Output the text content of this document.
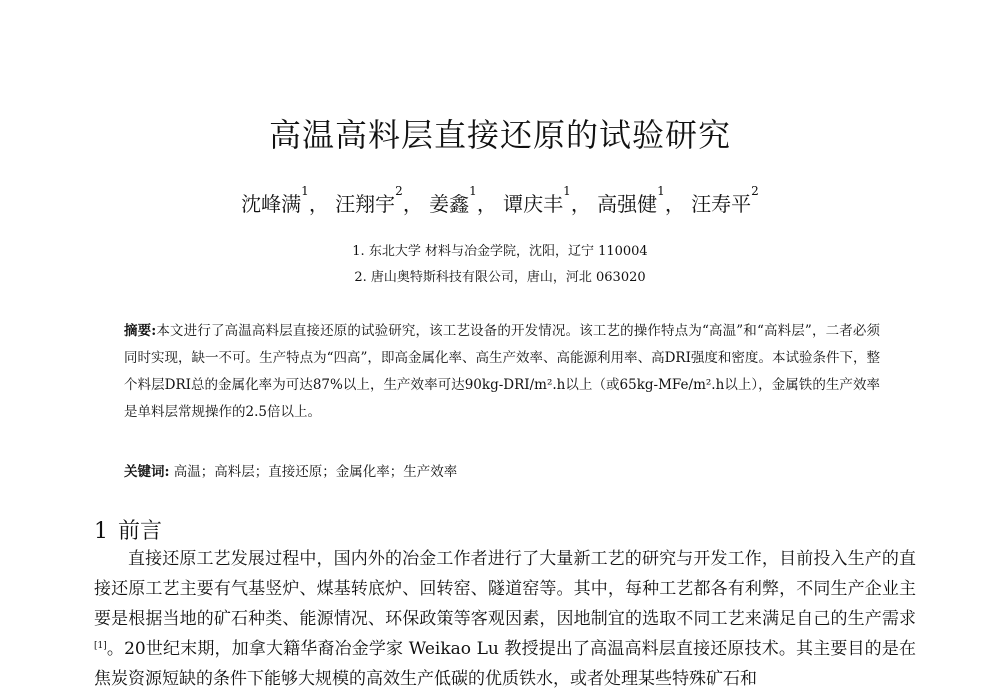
高温高料层直接还原的试验研究
沈峰满$^1$， 汪翔宇$^2$， 姜鑫$^1$， 谭庆丰$^1$， 高强健$^1$， 汪寿平$^2$
1. 东北大学 材料与冶金学院，沈阳，辽宁 110004
2. 唐山奥特斯科技有限公司，唐山，河北 063020
摘要:本文进行了高温高料层直接还原的试验研究，该工艺设备的开发情况。该工艺的操作特点为“高温”和“高料层”，二者必须同时实现，缺一不可。生产特点为“四高”，即高金属化率、高生产效率、高能源利用率、高DRI强度和密度。本试验条件下，整个料层DRI总的金属化率为可达87%以上，生产效率可达90kg-DRI/m².h以上（或65kg-MFe/m².h以上），金属铁的生产效率是单料层常规操作的2.5倍以上。
关键词: 高温；高料层；直接还原；金属化率；生产效率
1 前言
直接还原工艺发展过程中，国内外的冶金工作者进行了大量新工艺的研究与开发工作，目前投入生产的直接还原工艺主要有气基竖炉、煤基转底炉、回转窑、隧道窑等。其中，每种工艺都各有利弊，不同生产企业主要是根据当地的矿石种类、能源情况、环保政策等客观因素，因地制宜的选取不同工艺来满足自己的生产需求[1]。20世纪末期，加拿大籍华裔冶金学家 Weikao Lu 教授提出了高温高料层直接还原技术。其主要目的是在焦炭资源短缺的条件下能够大规模的高效生产低碳的优质铁水，或者处理某些特殊矿石和
